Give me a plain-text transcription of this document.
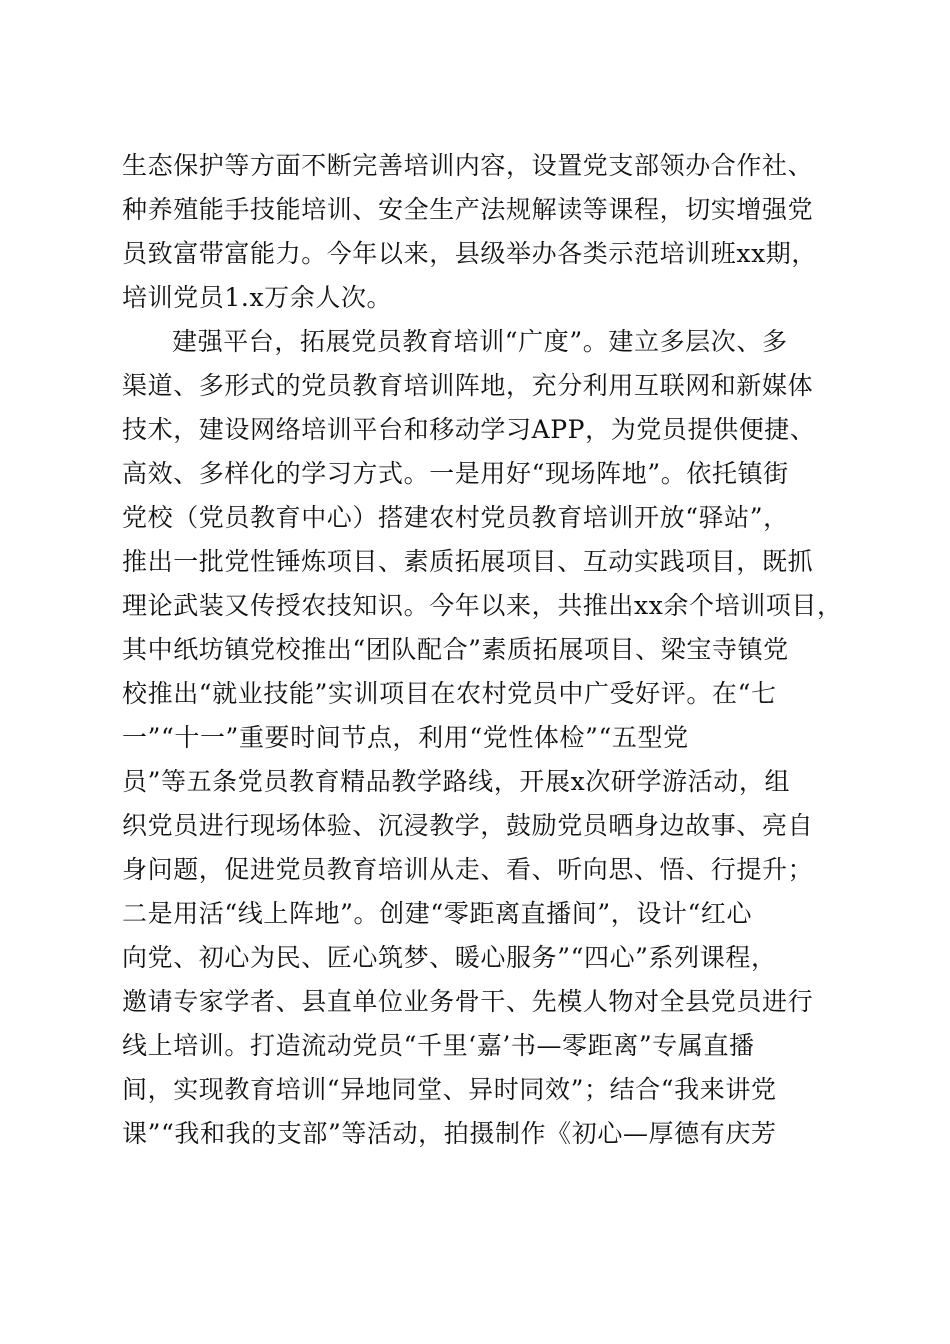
生态保护等方面不断完善培训内容，设置党支部领办合作社、
种养殖能手技能培训、安全生产法规解读等课程，切实增强党
员致富带富能力。今年以来，县级举办各类示范培训班xx期，
培训党员1.x万余人次。
建强平台，拓展党员教育培训“广度”。建立多层次、多
渠道、多形式的党员教育培训阵地，充分利用互联网和新媒体
技术，建设网络培训平台和移动学习APP，为党员提供便捷、
高效、多样化的学习方式。一是用好“现场阵地”。依托镇街
党校（党员教育中心）搭建农村党员教育培训开放“驿站”，
推出一批党性锤炼项目、素质拓展项目、互动实践项目，既抓
理论武装又传授农技知识。今年以来，共推出xx余个培训项目，
其中纸坊镇党校推出“团队配合”素质拓展项目、梁宝寺镇党
校推出“就业技能”实训项目在农村党员中广受好评。在“七
一”“十一”重要时间节点，利用“党性体检”“五型党
员”等五条党员教育精品教学路线，开展x次研学游活动，组
织党员进行现场体验、沉浸教学，鼓励党员晒身边故事、亮自
身问题，促进党员教育培训从走、看、听向思、悟、行提升；
二是用活“线上阵地”。创建“零距离直播间”，设计“红心
向党、初心为民、匠心筑梦、暖心服务”“四心”系列课程，
邀请专家学者、县直单位业务骨干、先模人物对全县党员进行
线上培训。打造流动党员“千里‘嘉’书—零距离”专属直播
间，实现教育培训“异地同堂、异时同效”；结合“我来讲党
课”“我和我的支部”等活动，拍摄制作《初心—厚德有庆芳
